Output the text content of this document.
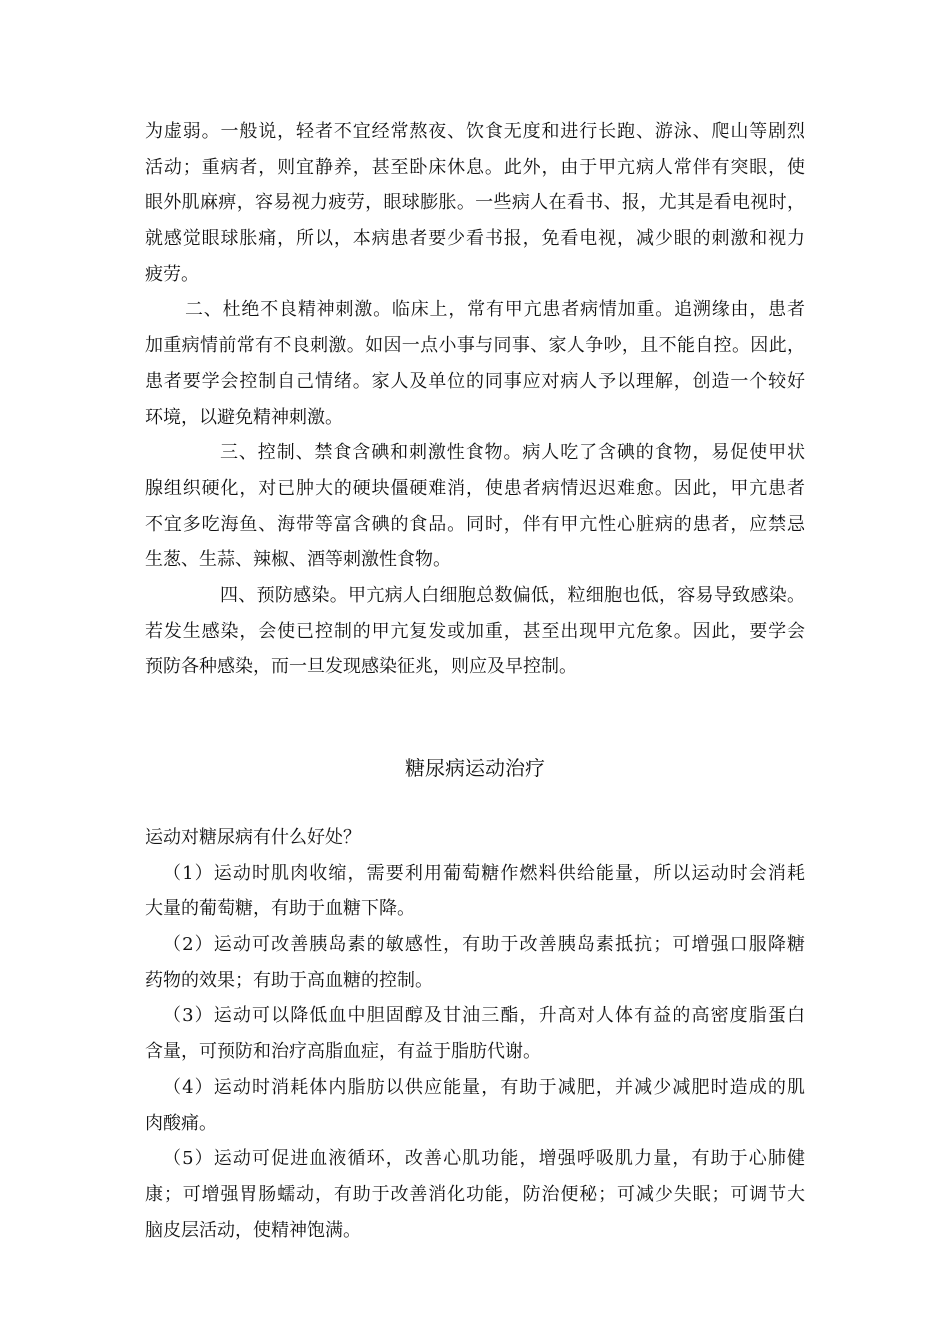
为虚弱。一般说，轻者不宜经常熬夜、饮食无度和进行长跑、游泳、爬山等剧烈
活动；重病者，则宜静养，甚至卧床休息。此外，由于甲亢病人常伴有突眼，使
眼外肌麻痹，容易视力疲劳，眼球膨胀。一些病人在看书、报，尤其是看电视时，
就感觉眼球胀痛，所以，本病患者要少看书报，免看电视，减少眼的刺激和视力
疲劳。
二、杜绝不良精神刺激。临床上，常有甲亢患者病情加重。追溯缘由，患者
加重病情前常有不良刺激。如因一点小事与同事、家人争吵，且不能自控。因此，
患者要学会控制自己情绪。家人及单位的同事应对病人予以理解，创造一个较好
环境，以避免精神刺激。
三、控制、禁食含碘和刺激性食物。病人吃了含碘的食物，易促使甲状
腺组织硬化，对已肿大的硬块僵硬难消，使患者病情迟迟难愈。因此，甲亢患者
不宜多吃海鱼、海带等富含碘的食品。同时，伴有甲亢性心脏病的患者，应禁忌
生葱、生蒜、辣椒、酒等刺激性食物。
四、预防感染。甲亢病人白细胞总数偏低，粒细胞也低，容易导致感染。
若发生感染，会使已控制的甲亢复发或加重，甚至出现甲亢危象。因此，要学会
预防各种感染，而一旦发现感染征兆，则应及早控制。
糖尿病运动治疗
运动对糖尿病有什么好处？
（1）运动时肌肉收缩，需要利用葡萄糖作燃料供给能量，所以运动时会消耗
大量的葡萄糖，有助于血糖下降。
（2）运动可改善胰岛素的敏感性，有助于改善胰岛素抵抗；可增强口服降糖
药物的效果；有助于高血糖的控制。
（3）运动可以降低血中胆固醇及甘油三酯，升高对人体有益的高密度脂蛋白
含量，可预防和治疗高脂血症，有益于脂肪代谢。
（4）运动时消耗体内脂肪以供应能量，有助于减肥，并减少减肥时造成的肌
肉酸痛。
（5）运动可促进血液循环，改善心肌功能，增强呼吸肌力量，有助于心肺健
康；可增强胃肠蠕动，有助于改善消化功能，防治便秘；可减少失眠；可调节大
脑皮层活动，使精神饱满。
